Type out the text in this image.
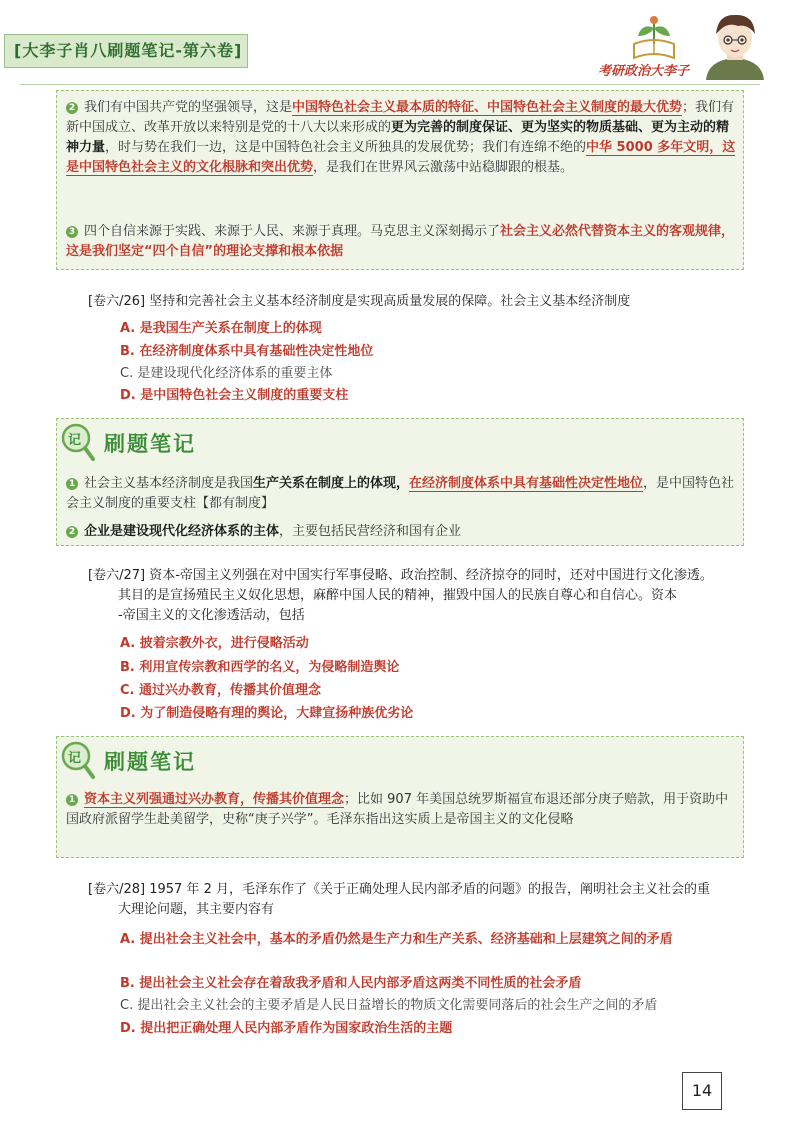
[大李子肖八刷题笔记-第六卷]
考研政治大李子
2 我们有中国共产党的坚强领导，这是中国特色社会主义最本质的特征、中国特色社会主义制度的最大优势；我们有新中国成立、改革开放以来特别是党的十八大以来形成的更为完善的制度保证、更为坚实的物质基础、更为主动的精神力量，时与势在我们一边，这是中国特色社会主义所独具的发展优势；我们有连绵不绝的中华 5000 多年文明，这是中国特色社会主义的文化根脉和突出优势，是我们在世界风云激荡中站稳脚跟的根基。
3 四个自信来源于实践、来源于人民、来源于真理。马克思主义深刻揭示了社会主义必然代替资本主义的客观规律，这是我们坚定“四个自信”的理论支撑和根本依据
[卷六/26] 坚持和完善社会主义基本经济制度是实现高质量发展的保障。社会主义基本经济制度
A. 是我国生产关系在制度上的体现
B. 在经济制度体系中具有基础性决定性地位
C. 是建设现代化经济体系的重要主体
D. 是中国特色社会主义制度的重要支柱
记 刷题笔记
1 社会主义基本经济制度是我国生产关系在制度上的体现，在经济制度体系中具有基础性决定性地位，是中国特色社会主义制度的重要支柱【都有制度】
2 企业是建设现代化经济体系的主体，主要包括民营经济和国有企业
[卷六/27] 资本-帝国主义列强在对中国实行军事侵略、政治控制、经济掠夺的同时，还对中国进行文化渗透。
其目的是宣扬殖民主义奴化思想，麻醉中国人民的精神，摧毁中国人的民族自尊心和自信心。资本
-帝国主义的文化渗透活动，包括
A. 披着宗教外衣，进行侵略活动
B. 利用宣传宗教和西学的名义，为侵略制造舆论
C. 通过兴办教育，传播其价值理念
D. 为了制造侵略有理的舆论，大肆宣扬种族优劣论
记 刷题笔记
1 资本主义列强通过兴办教育，传播其价值理念；比如 907 年美国总统罗斯福宣布退还部分庚子赔款，用于资助中国政府派留学生赴美留学，史称“庚子兴学”。毛泽东指出这实质上是帝国主义的文化侵略
[卷六/28] 1957 年 2 月，毛泽东作了《关于正确处理人民内部矛盾的问题》的报告，阐明社会主义社会的重
大理论问题，其主要内容有
A. 提出社会主义社会中，基本的矛盾仍然是生产力和生产关系、经济基础和上层建筑之间的矛盾
B. 提出社会主义社会存在着敌我矛盾和人民内部矛盾这两类不同性质的社会矛盾
C. 提出社会主义社会的主要矛盾是人民日益增长的物质文化需要同落后的社会生产之间的矛盾
D. 提出把正确处理人民内部矛盾作为国家政治生活的主题
14
